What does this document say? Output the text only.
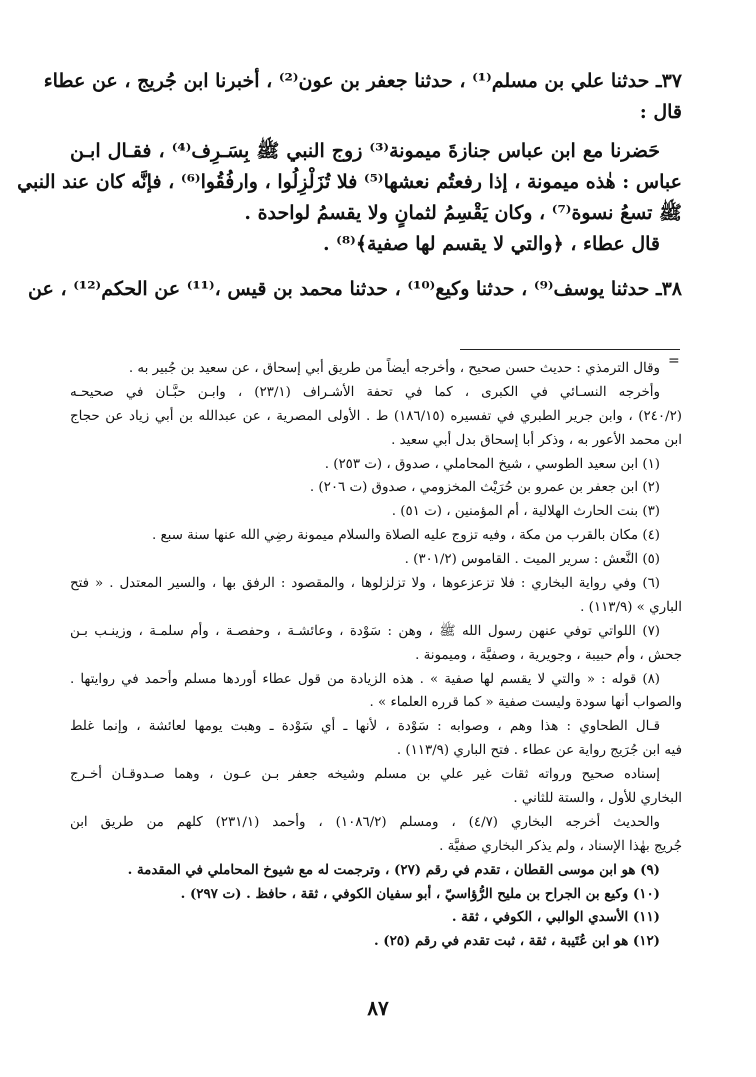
٣٧ـ حدثنا علي بن مسلم⁽¹⁾ ، حدثنا جعفر بن عون⁽²⁾ ، أخبرنا ابن جُريج ، عن عطاء
قال :
حَضرنا مع ابن عباس جنازةَ ميمونة⁽³⁾ زوج النبي ﷺ بِسَـرِف⁽⁴⁾ ، فقـال ابـن
عباس : هٰذه ميمونة ، إذا رفعتُم نعشها⁽⁵⁾ فلا تُزَلْزِلُوا ، وارفُقُوا⁽⁶⁾ ، فإنَّه كان عند النبي
ﷺ تسعُ نسوة⁽⁷⁾ ، وكان يَقْسِمُ لثمانٍ ولا يقسمُ لواحدة .
قال عطاء ، ﴿والتي لا يقسم لها صفية﴾⁽⁸⁾ .
٣٨ـ حدثنا يوسف⁽⁹⁾ ، حدثنا وكيع⁽¹⁰⁾ ، حدثنا محمد بن قيس ،⁽¹¹⁾ عن الحكم⁽¹²⁾ ، عن
=
وقال الترمذي : حديث حسن صحيح ، وأخرجه أيضاً من طريق أبي إسحاق ، عن سعيد بن جُبير به .
وأخرجه النسـائي في الكبرى ، كما في تحفة الأشـراف (٢٣/١) ، وابـن حبَّـان في صحيحـه
(٢٤٠/٢) ، وابن جرير الطبري في تفسيره (١٨٦/١٥) ط . الأولى المصرية ، عن عبدالله بن أبي زياد عن حجاج
ابن محمد الأعور به ، وذكر أبا إسحاق بدل أبي سعيد .
(١) ابن سعيد الطوسي ، شيخ المحاملي ، صدوق ، (ت ٢٥٣) .
(٢) ابن جعفر بن عمرو بن حُرَيْث المخزومي ، صدوق (ت ٢٠٦) .
(٣) بنت الحارث الهلالية ، أم المؤمنين ، (ت ٥١) .
(٤) مكان بالقرب من مكة ، وفيه تزوج عليه الصلاة والسلام ميمونة رضِي الله عنها سنة سبع .
(٥) النَّعش : سرير الميت . القاموس (٣٠١/٢) .
(٦) وفي رواية البخاري : فلا تزعزعوها ، ولا تزلزلوها ، والمقصود : الرفق بها ، والسير المعتدل . « فتح
الباري » (١١٣/٩) .
(٧) اللواتي توفي عنهن رسول الله ﷺ ، وهن : سَوْدة ، وعائشـة ، وحفصـة ، وأم سلمـة ، وزينـب بـن
جحش ، وأم حبيبة ، وجويرية ، وصفيَّة ، وميمونة .
(٨) قوله : « والتي لا يقسم لها صفية » . هذه الزيادة من قول عطاء أوردها مسلم وأحمد في روايتها .
والصواب أنها سودة وليست صفية « كما قرره العلماء » .
قـال الطحاوي : هذا وهم ، وصوابه : سَوْدة ، لأنها ـ أي سَوْدة ـ وهبت يومها لعائشة ، وإنما غلط
فيه ابن جُرَيج رواية عن عطاء . فتح الباري (١١٣/٩) .
إسناده صحيح ورواته ثقات غير علي بن مسلم وشيخه جعفر بـن عـون ، وهما صـدوقـان أخـرج
البخاري للأول ، والستة للثاني .
والحديث أخرجه البخاري (٤/٧) ، ومسلم (١٠٨٦/٢) ، وأحمد (٢٣١/١) كلهم من طريق ابن
جُريج بهٰذا الإسناد ، ولم يذكر البخاري صفيَّة .
(٩) هو ابن موسى القطان ، تقدم في رقم (٢٧) ، وترجمت له مع شيوخ المحاملي في المقدمة .
(١٠) وكيع بن الجراح بن مليح الرُّؤاسيّ ، أبو سفيان الكوفي ، ثقة ، حافظ . (ت ٢٩٧) .
(١١) الأسدي الوالبي ، الكوفي ، ثقة .
(١٢) هو ابن عُتَيبة ، ثقة ، ثبت تقدم في رقم (٢٥) .
٨٧
